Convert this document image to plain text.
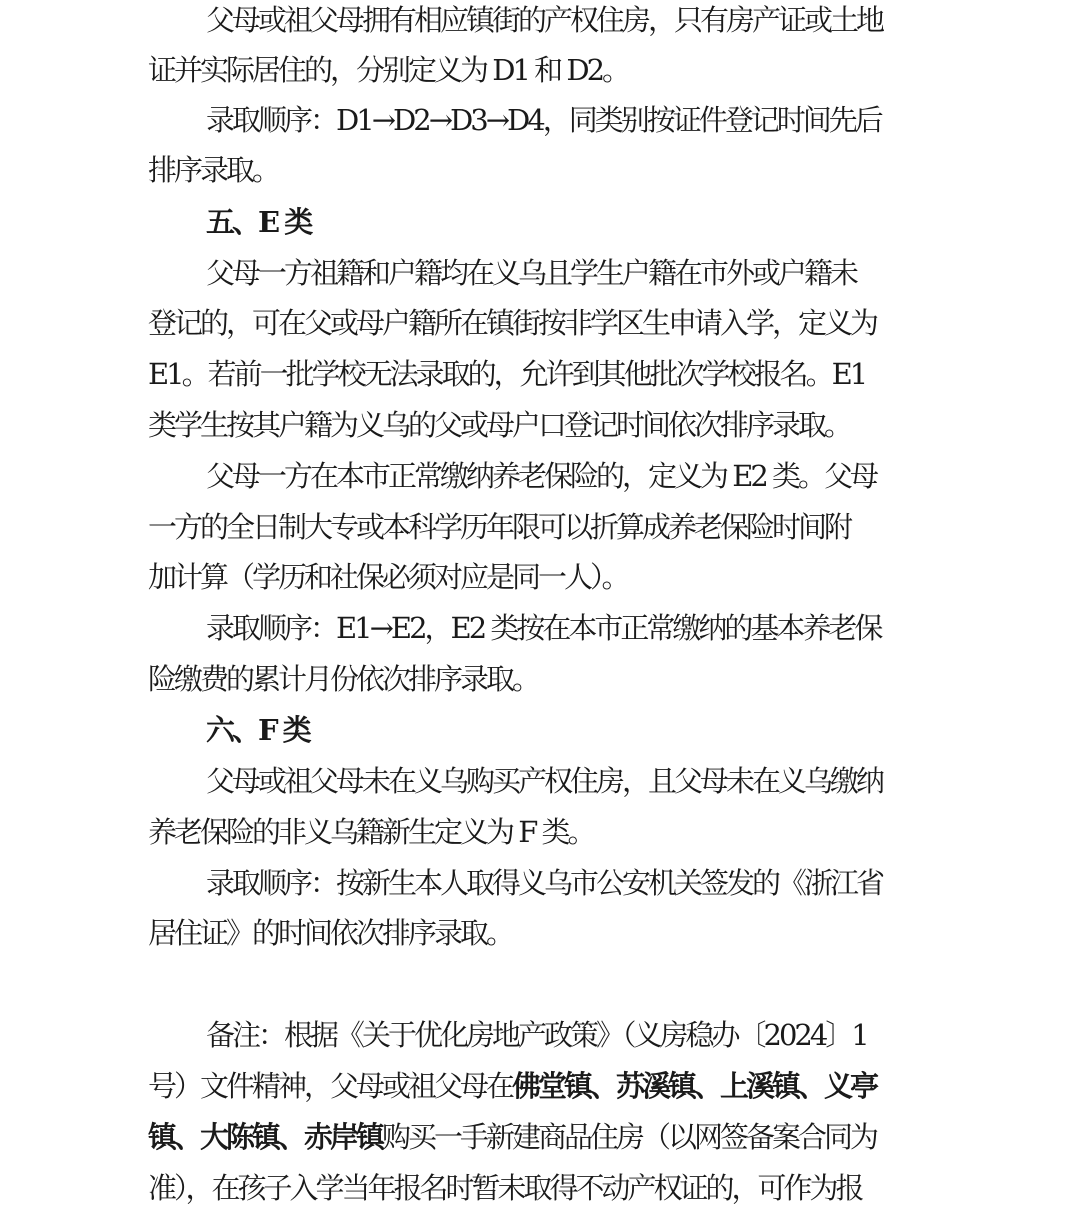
父母或祖父母拥有相应镇街的产权住房，只有房产证或土地
证并实际居住的，分别定义为 D1 和 D2。
录取顺序：D1→D2→D3→D4，同类别按证件登记时间先后
排序录取。
五、E 类
父母一方祖籍和户籍均在义乌且学生户籍在市外或户籍未
登记的，可在父或母户籍所在镇街按非学区生申请入学，定义为
E1。若前一批学校无法录取的，允许到其他批次学校报名。E1
类学生按其户籍为义乌的父或母户口登记时间依次排序录取。
父母一方在本市正常缴纳养老保险的，定义为 E2 类。父母
一方的全日制大专或本科学历年限可以折算成养老保险时间附
加计算（学历和社保必须对应是同一人）。
录取顺序：E1→E2，E2 类按在本市正常缴纳的基本养老保
险缴费的累计月份依次排序录取。
六、F 类
父母或祖父母未在义乌购买产权住房，且父母未在义乌缴纳
养老保险的非义乌籍新生定义为 F 类。
录取顺序：按新生本人取得义乌市公安机关签发的《浙江省
居住证》的时间依次排序录取。
备注：根据《关于优化房地产政策》（义房稳办〔2024〕1
号）文件精神，父母或祖父母在佛堂镇、苏溪镇、上溪镇、义亭
镇、大陈镇、赤岸镇购买一手新建商品住房（以网签备案合同为
准），在孩子入学当年报名时暂未取得不动产权证的，可作为报
